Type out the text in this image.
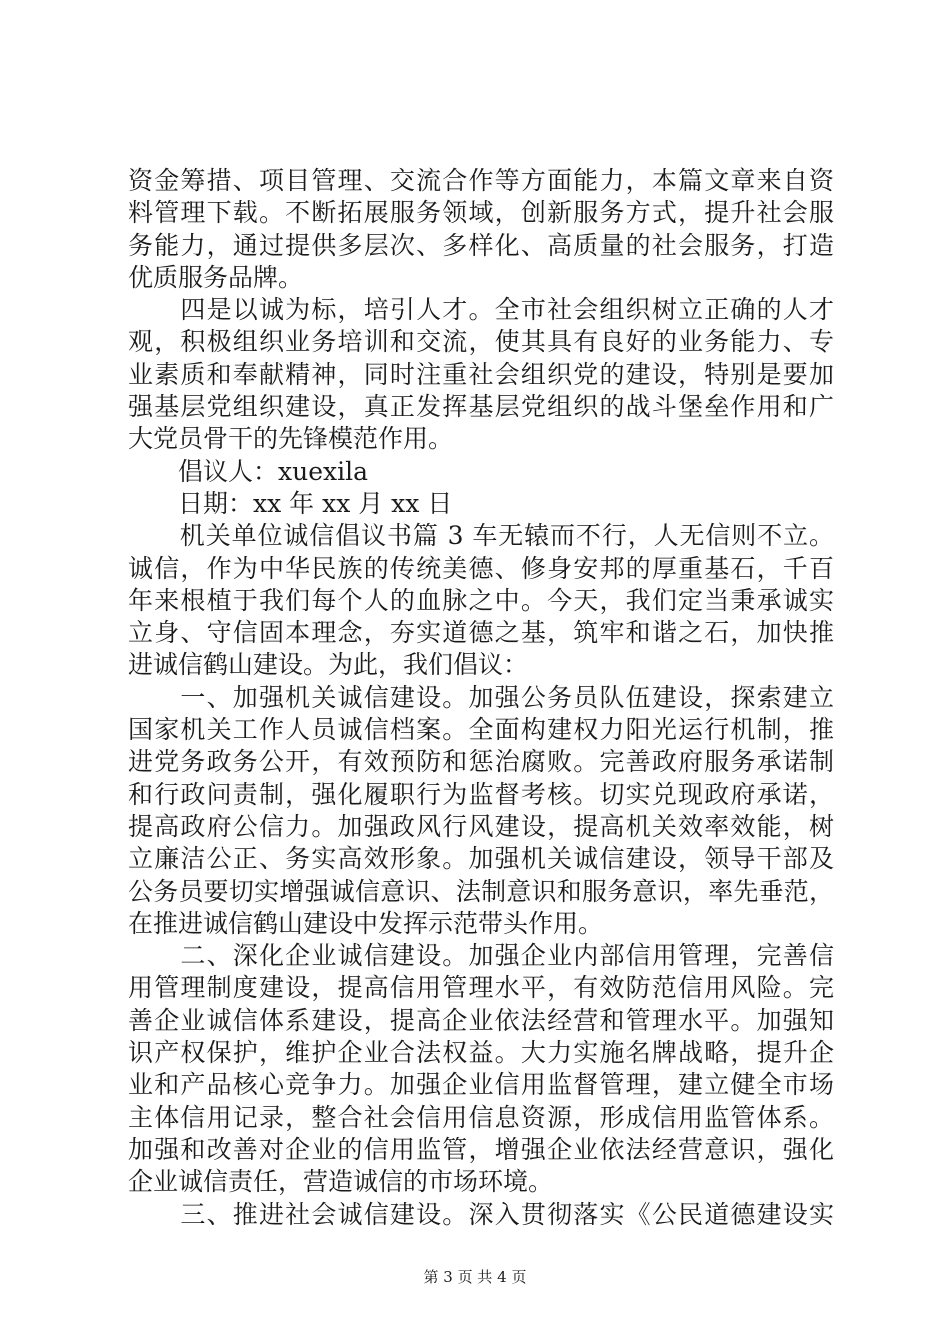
资金筹措、项目管理、交流合作等方面能力，本篇文章来自资
料管理下载。不断拓展服务领域，创新服务方式，提升社会服
务能力，通过提供多层次、多样化、高质量的社会服务，打造
优质服务品牌。
　　四是以诚为标，培引人才。全市社会组织树立正确的人才
观，积极组织业务培训和交流，使其具有良好的业务能力、专
业素质和奉献精神，同时注重社会组织党的建设，特别是要加
强基层党组织建设，真正发挥基层党组织的战斗堡垒作用和广
大党员骨干的先锋模范作用。
　　倡议人：xuexila
　　日期：xx 年 xx 月 xx 日
　　机关单位诚信倡议书篇 3 车无辕而不行，人无信则不立。
诚信，作为中华民族的传统美德、修身安邦的厚重基石，千百
年来根植于我们每个人的血脉之中。今天，我们定当秉承诚实
立身、守信固本理念，夯实道德之基，筑牢和谐之石，加快推
进诚信鹤山建设。为此，我们倡议：
　　一、加强机关诚信建设。加强公务员队伍建设，探索建立
国家机关工作人员诚信档案。全面构建权力阳光运行机制，推
进党务政务公开，有效预防和惩治腐败。完善政府服务承诺制
和行政问责制，强化履职行为监督考核。切实兑现政府承诺，
提高政府公信力。加强政风行风建设，提高机关效率效能，树
立廉洁公正、务实高效形象。加强机关诚信建设，领导干部及
公务员要切实增强诚信意识、法制意识和服务意识，率先垂范，
在推进诚信鹤山建设中发挥示范带头作用。
　　二、深化企业诚信建设。加强企业内部信用管理，完善信
用管理制度建设，提高信用管理水平，有效防范信用风险。完
善企业诚信体系建设，提高企业依法经营和管理水平。加强知
识产权保护，维护企业合法权益。大力实施名牌战略，提升企
业和产品核心竞争力。加强企业信用监督管理，建立健全市场
主体信用记录，整合社会信用信息资源，形成信用监管体系。
加强和改善对企业的信用监管，增强企业依法经营意识，强化
企业诚信责任，营造诚信的市场环境。
　　三、推进社会诚信建设。深入贯彻落实《公民道德建设实
第 3 页 共 4 页
